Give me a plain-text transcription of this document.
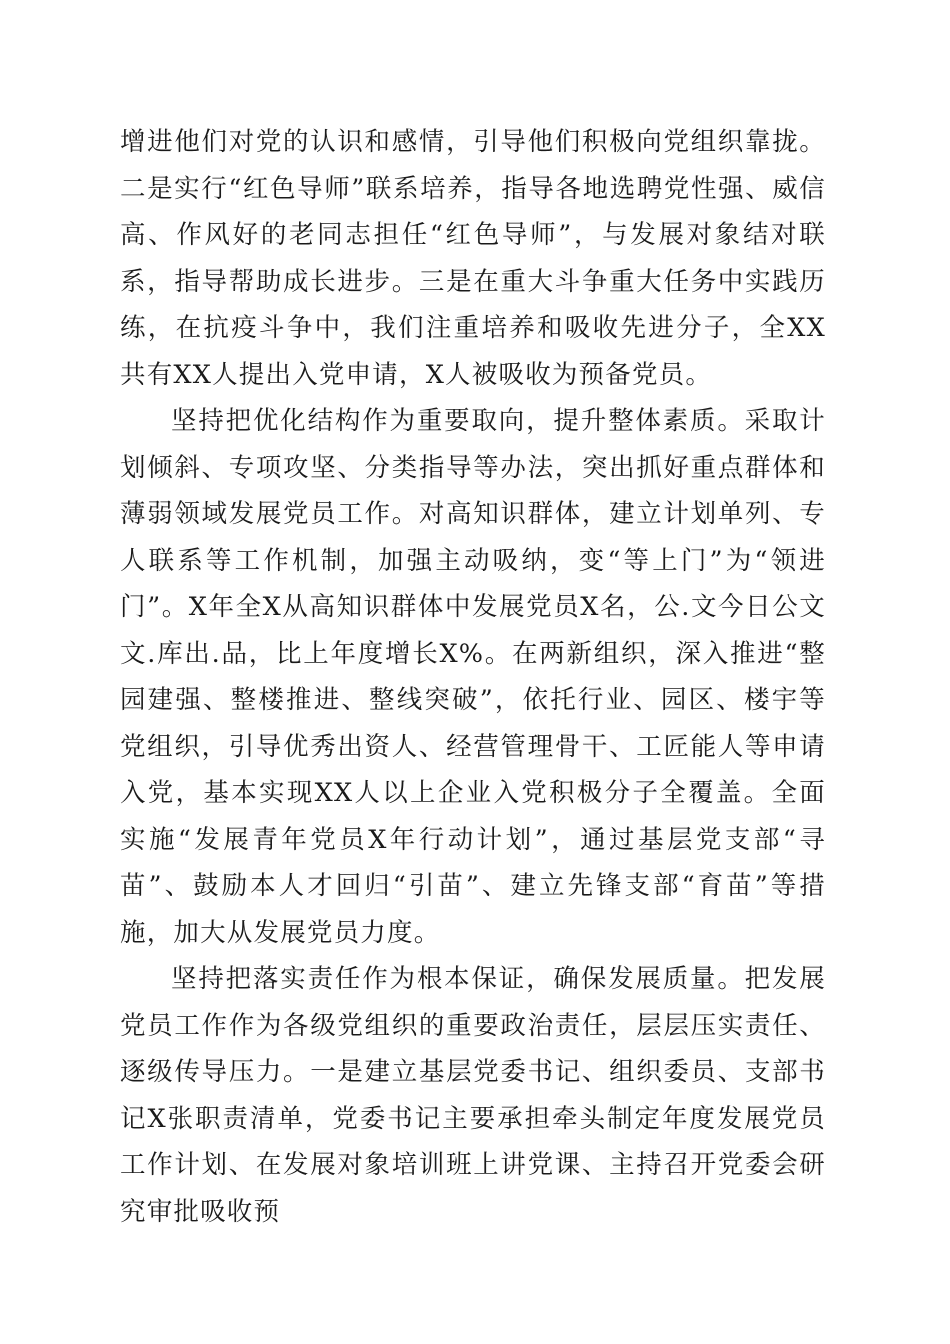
增进他们对党的认识和感情，引导他们积极向党组织靠拢。二是实行“红色导师”联系培养，指导各地选聘党性强、威信高、作风好的老同志担任“红色导师”，与发展对象结对联系，指导帮助成长进步。三是在重大斗争重大任务中实践历练，在抗疫斗争中，我们注重培养和吸收先进分子，全XX共有XX人提出入党申请，X人被吸收为预备党员。

坚持把优化结构作为重要取向，提升整体素质。采取计划倾斜、专项攻坚、分类指导等办法，突出抓好重点群体和薄弱领域发展党员工作。对高知识群体，建立计划单列、专人联系等工作机制，加强主动吸纳，变“等上门”为“领进门”。X年全X从高知识群体中发展党员X名，公.文今日公文文.库出.品，比上年度增长X%。在两新组织，深入推进“整园建强、整楼推进、整线突破”，依托行业、园区、楼宇等党组织，引导优秀出资人、经营管理骨干、工匠能人等申请入党，基本实现XX人以上企业入党积极分子全覆盖。全面实施“发展青年党员X年行动计划”，通过基层党支部“寻苗”、鼓励本人才回归“引苗”、建立先锋支部“育苗”等措施，加大从发展党员力度。

坚持把落实责任作为根本保证，确保发展质量。把发展党员工作作为各级党组织的重要政治责任，层层压实责任、逐级传导压力。一是建立基层党委书记、组织委员、支部书记X张职责清单，党委书记主要承担牵头制定年度发展党员工作计划、在发展对象培训班上讲党课、主持召开党委会研究审批吸收预
